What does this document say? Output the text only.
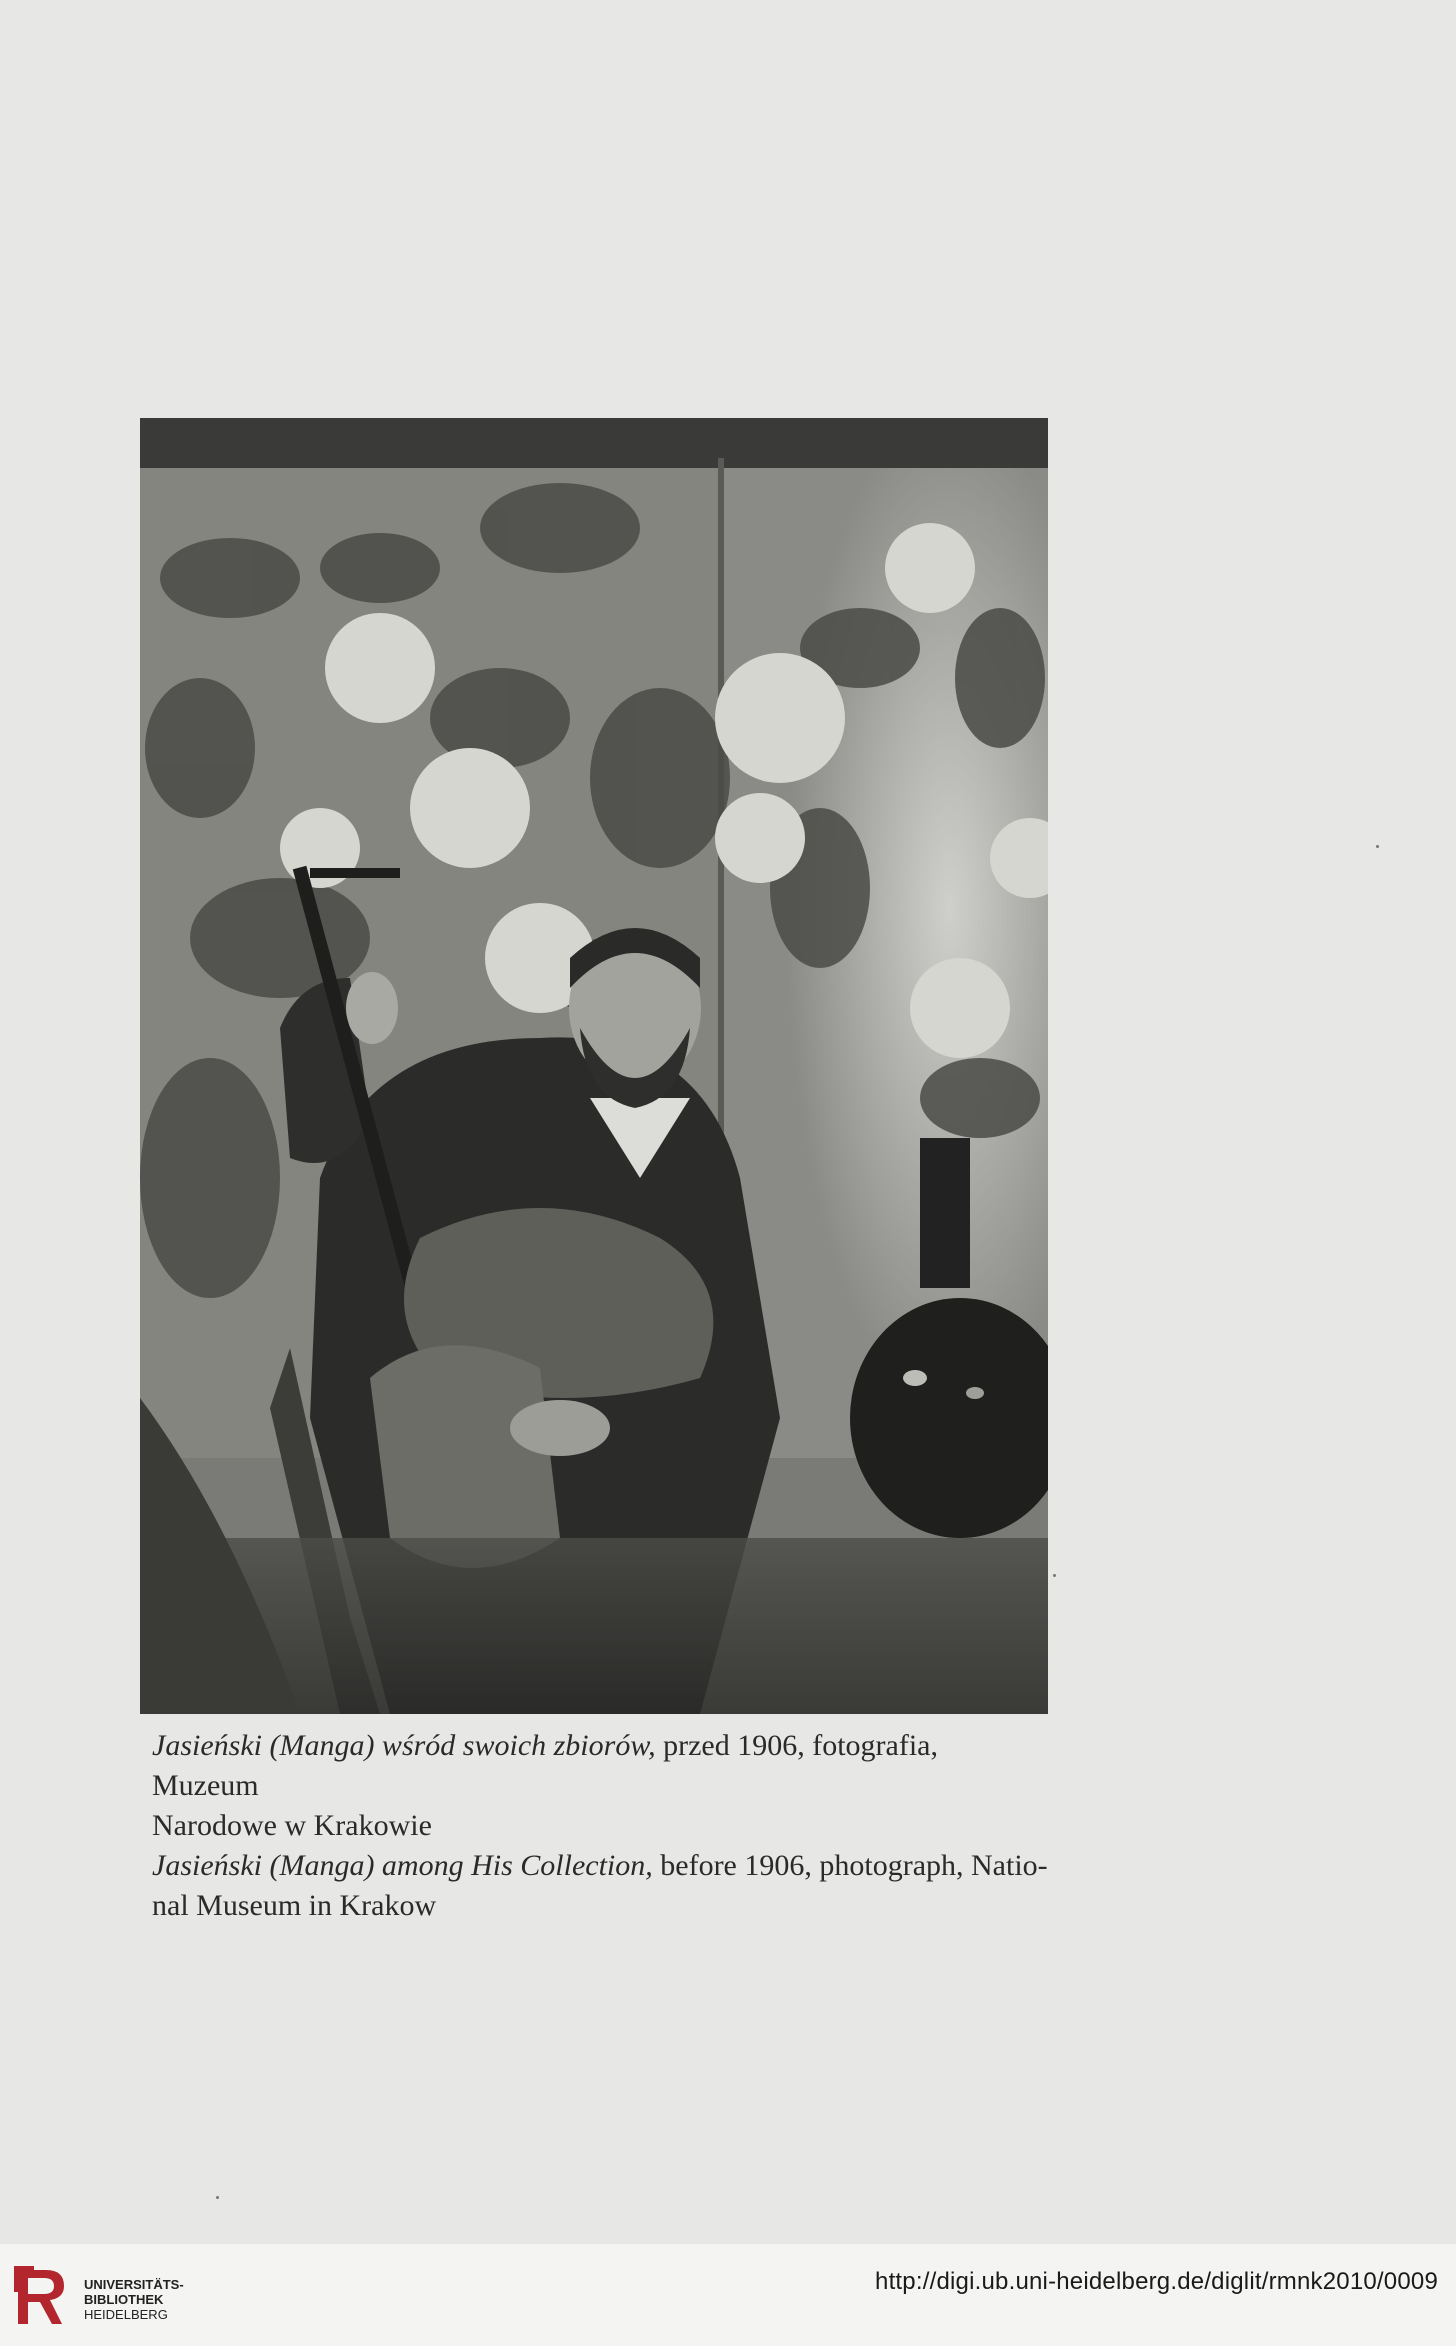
Jasieński (Manga) wśród swoich zbiorów, przed 1906, fotografia, Muzeum

Narodowe w Krakowie

Jasieński (Manga) among His Collection, before 1906, photograph, Natio-

nal Museum in Krakow

UNIVERSITÄTS-
BIBLIOTHEK
HEIDELBERG
http://digi.ub.uni-heidelberg.de/diglit/rmnk2010/0009
